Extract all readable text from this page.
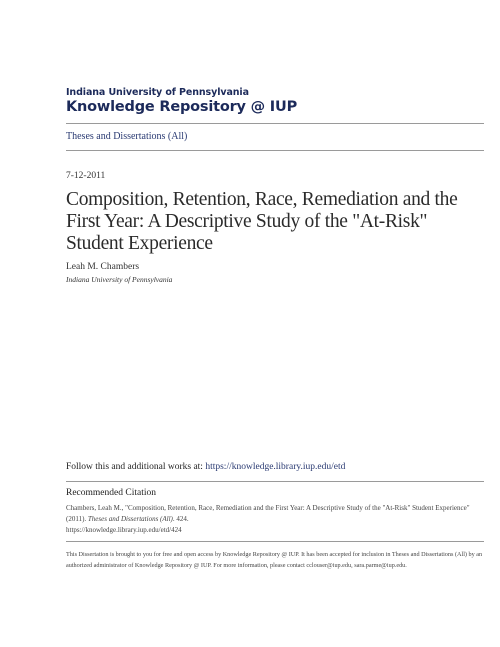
Indiana University of Pennsylvania
Knowledge Repository @ IUP
Theses and Dissertations (All)
7-12-2011
Composition, Retention, Race, Remediation and the First Year: A Descriptive Study of the "At-Risk" Student Experience
Leah M. Chambers
Indiana University of Pennsylvania
Follow this and additional works at: https://knowledge.library.iup.edu/etd
Recommended Citation
Chambers, Leah M., "Composition, Retention, Race, Remediation and the First Year: A Descriptive Study of the "At-Risk" Student Experience" (2011). Theses and Dissertations (All). 424.
https://knowledge.library.iup.edu/etd/424
This Dissertation is brought to you for free and open access by Knowledge Repository @ IUP. It has been accepted for inclusion in Theses and Dissertations (All) by an authorized administrator of Knowledge Repository @ IUP. For more information, please contact cclouser@iup.edu, sara.parme@iup.edu.
